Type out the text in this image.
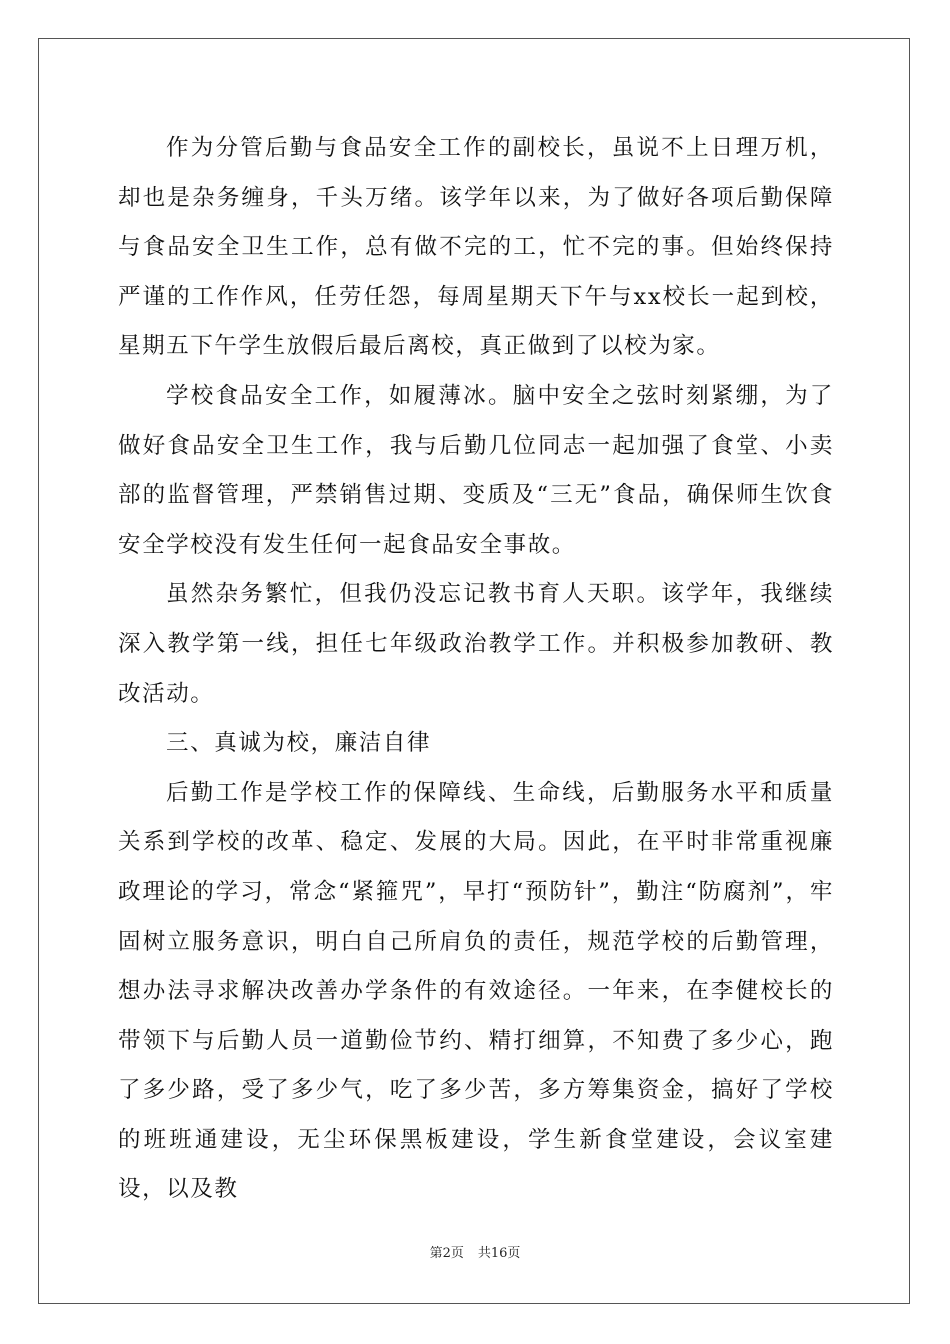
作为分管后勤与食品安全工作的副校长，虽说不上日理万机，却也是杂务缠身，千头万绪。该学年以来，为了做好各项后勤保障与食品安全卫生工作，总有做不完的工，忙不完的事。但始终保持严谨的工作作风，任劳任怨，每周星期天下午与xx校长一起到校，星期五下午学生放假后最后离校，真正做到了以校为家。

学校食品安全工作，如履薄冰。脑中安全之弦时刻紧绷，为了做好食品安全卫生工作，我与后勤几位同志一起加强了食堂、小卖部的监督管理，严禁销售过期、变质及“三无”食品，确保师生饮食安全学校没有发生任何一起食品安全事故。

虽然杂务繁忙，但我仍没忘记教书育人天职。该学年，我继续深入教学第一线，担任七年级政治教学工作。并积极参加教研、教改活动。

三、真诚为校，廉洁自律

后勤工作是学校工作的保障线、生命线，后勤服务水平和质量关系到学校的改革、稳定、发展的大局。因此，在平时非常重视廉政理论的学习，常念“紧箍咒”，早打“预防针”，勤注“防腐剂”，牢固树立服务意识，明白自己所肩负的责任，规范学校的后勤管理，想办法寻求解决改善办学条件的有效途径。一年来，在李健校长的带领下与后勤人员一道勤俭节约、精打细算，不知费了多少心，跑了多少路，受了多少气，吃了多少苦，多方筹集资金，搞好了学校的班班通建设，无尘环保黑板建设，学生新食堂建设，会议室建设，以及教

第2页 共16页
